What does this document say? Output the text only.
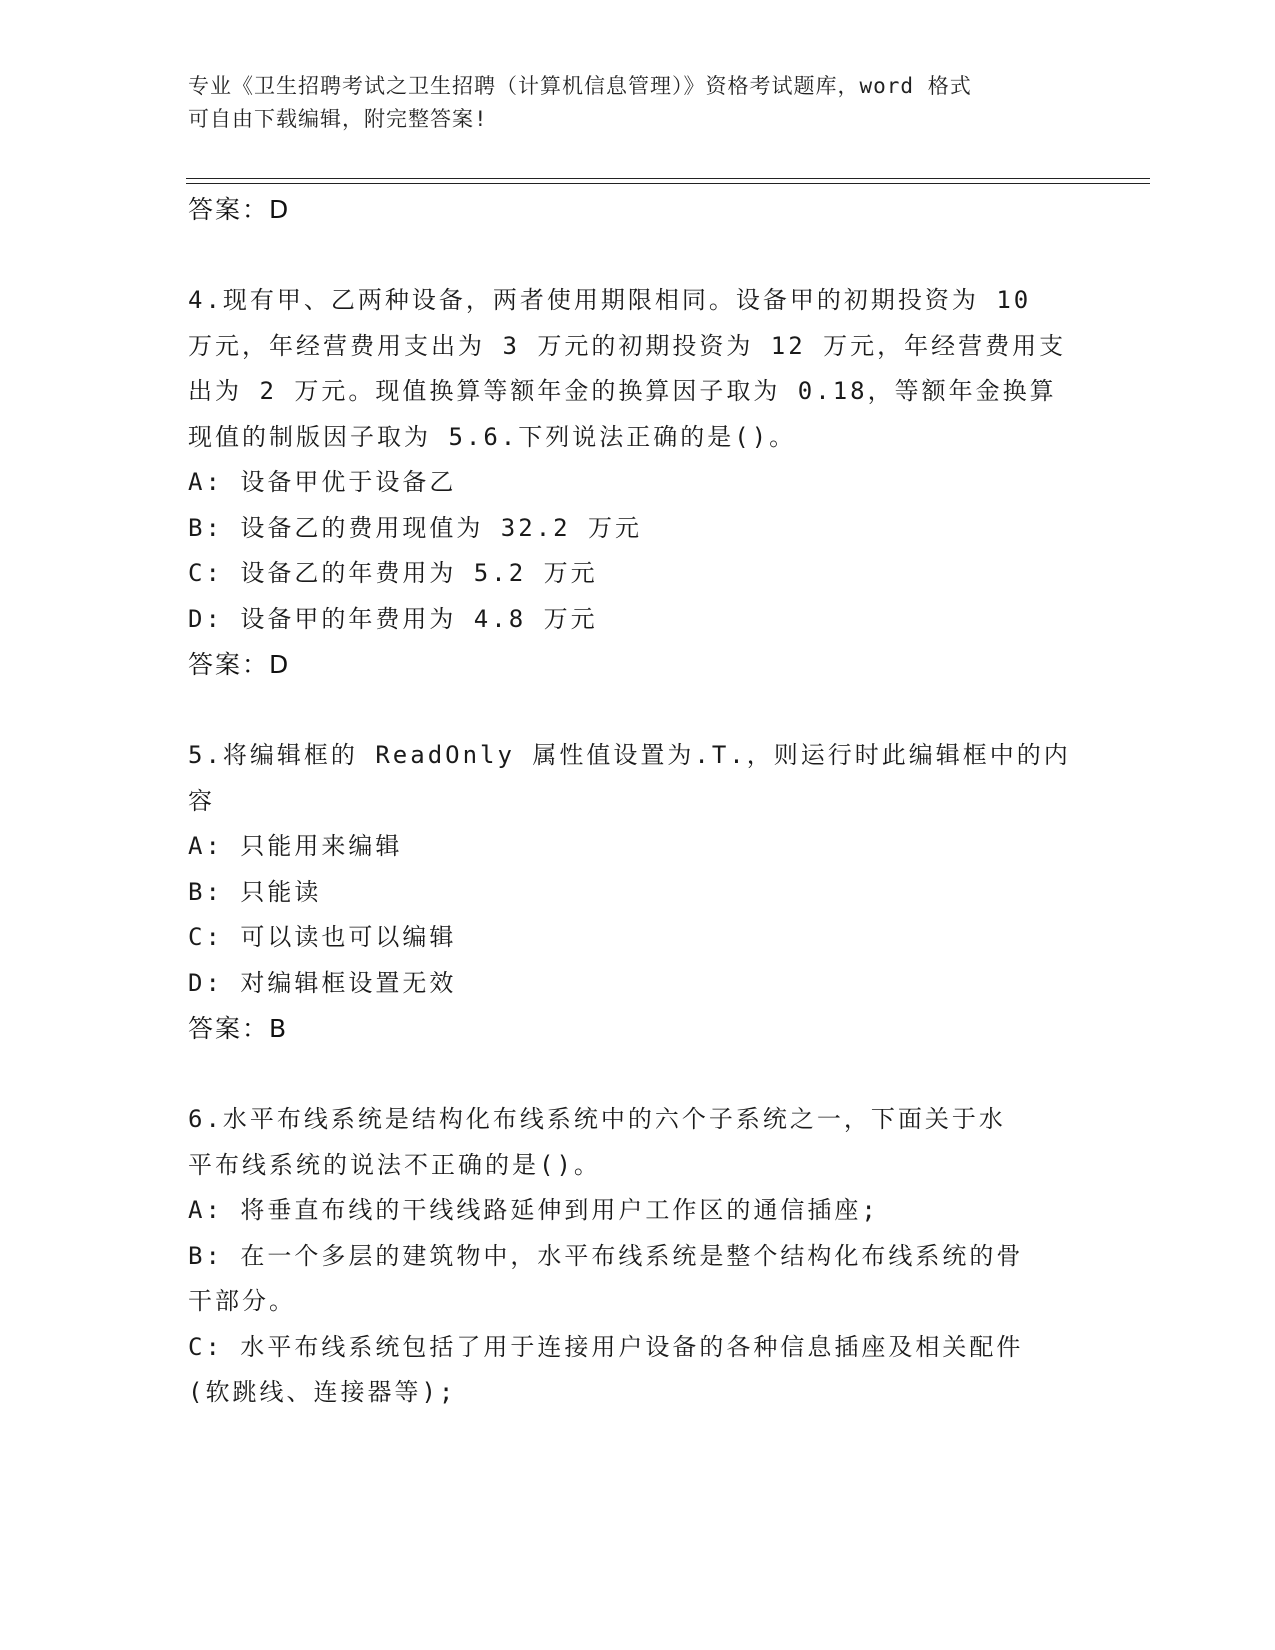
专业《卫生招聘考试之卫生招聘（计算机信息管理）》资格考试题库，word 格式
可自由下载编辑，附完整答案!
答案：D
4.现有甲、乙两种设备，两者使用期限相同。设备甲的初期投资为 10
万元，年经营费用支出为 3 万元的初期投资为 12 万元，年经营费用支
出为 2 万元。现值换算等额年金的换算因子取为 0.18，等额年金换算
现值的制版因子取为 5.6.下列说法正确的是()。
A: 设备甲优于设备乙
B: 设备乙的费用现值为 32.2 万元
C: 设备乙的年费用为 5.2 万元
D: 设备甲的年费用为 4.8 万元
答案：D
5.将编辑框的 ReadOnly 属性值设置为.T.，则运行时此编辑框中的内
容
A: 只能用来编辑
B: 只能读
C: 可以读也可以编辑
D: 对编辑框设置无效
答案：B
6.水平布线系统是结构化布线系统中的六个子系统之一，下面关于水
平布线系统的说法不正确的是()。
A: 将垂直布线的干线线路延伸到用户工作区的通信插座;
B: 在一个多层的建筑物中，水平布线系统是整个结构化布线系统的骨
干部分。
C: 水平布线系统包括了用于连接用户设备的各种信息插座及相关配件
(软跳线、连接器等);
